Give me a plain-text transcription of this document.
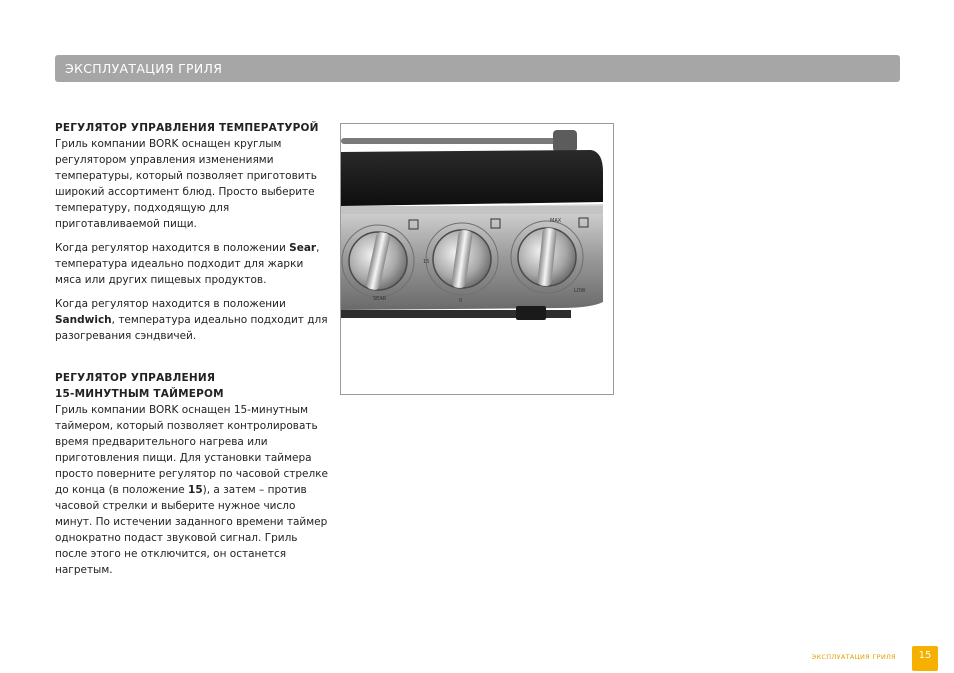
ЭКСПЛУАТАЦИЯ ГРИЛЯ
РЕГУЛЯТОР УПРАВЛЕНИЯ ТЕМПЕРАТУРОЙ

Гриль компании BORK оснащен круглым регулятором управления изменениями температуры, который позволяет приготовить широкий ассортимент блюд. Просто выберите температуру, подходящую для приготавливаемой пищи.

Когда регулятор находится в положении Sear, температура идеально подходит для жарки мяса или других пищевых продуктов.

Когда регулятор находится в положении Sandwich, температура идеально подходит для разогревания сэндвичей.

РЕГУЛЯТОР УПРАВЛЕНИЯ
15-МИНУТНЫМ ТАЙМЕРОМ

Гриль компании BORK оснащен 15-минутным таймером, который позволяет контролировать время предварительного нагрева или приготовления пищи. Для установки таймера просто поверните регулятор по часовой стрелке до конца (в положение 15), а затем – против часовой стрелки и выберите нужное число минут. По истечении заданного времени таймер однократно подаст звуковой сигнал. Гриль после этого не отключится, он останется нагретым.

MAX
LOW
SEAR
15
0
ЭКСПЛУАТАЦИЯ ГРИЛЯ	15
